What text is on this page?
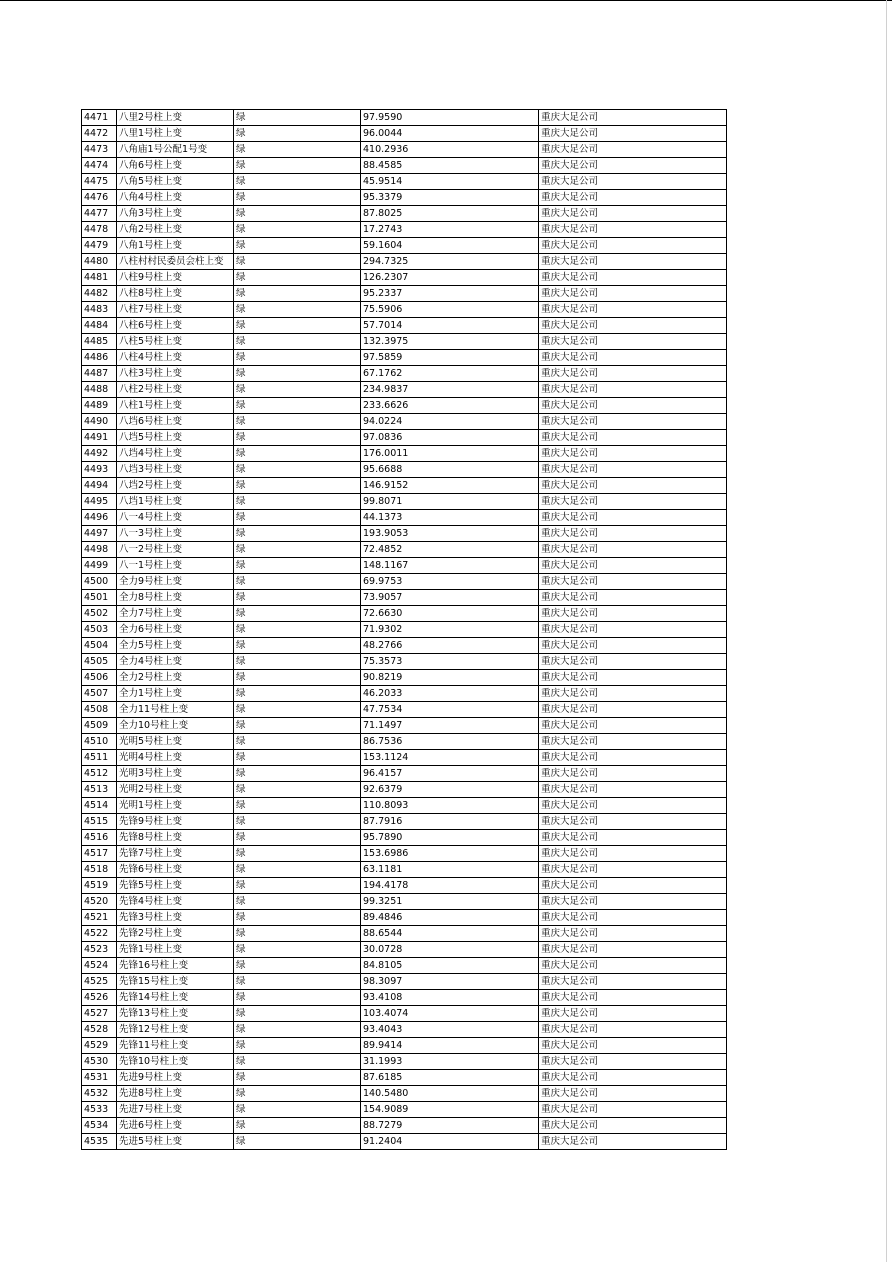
4471	八里2号柱上变	绿	97.9590	重庆大足公司
4472	八里1号柱上变	绿	96.0044	重庆大足公司
4473	八角庙1号公配1号变	绿	410.2936	重庆大足公司
4474	八角6号柱上变	绿	88.4585	重庆大足公司
4475	八角5号柱上变	绿	45.9514	重庆大足公司
4476	八角4号柱上变	绿	95.3379	重庆大足公司
4477	八角3号柱上变	绿	87.8025	重庆大足公司
4478	八角2号柱上变	绿	17.2743	重庆大足公司
4479	八角1号柱上变	绿	59.1604	重庆大足公司
4480	八柱村村民委员会柱上变	绿	294.7325	重庆大足公司
4481	八柱9号柱上变	绿	126.2307	重庆大足公司
4482	八柱8号柱上变	绿	95.2337	重庆大足公司
4483	八柱7号柱上变	绿	75.5906	重庆大足公司
4484	八柱6号柱上变	绿	57.7014	重庆大足公司
4485	八柱5号柱上变	绿	132.3975	重庆大足公司
4486	八柱4号柱上变	绿	97.5859	重庆大足公司
4487	八柱3号柱上变	绿	67.1762	重庆大足公司
4488	八柱2号柱上变	绿	234.9837	重庆大足公司
4489	八柱1号柱上变	绿	233.6626	重庆大足公司
4490	八垱6号柱上变	绿	94.0224	重庆大足公司
4491	八垱5号柱上变	绿	97.0836	重庆大足公司
4492	八垱4号柱上变	绿	176.0011	重庆大足公司
4493	八垱3号柱上变	绿	95.6688	重庆大足公司
4494	八垱2号柱上变	绿	146.9152	重庆大足公司
4495	八垱1号柱上变	绿	99.8071	重庆大足公司
4496	八一4号柱上变	绿	44.1373	重庆大足公司
4497	八一3号柱上变	绿	193.9053	重庆大足公司
4498	八一2号柱上变	绿	72.4852	重庆大足公司
4499	八一1号柱上变	绿	148.1167	重庆大足公司
4500	全力9号柱上变	绿	69.9753	重庆大足公司
4501	全力8号柱上变	绿	73.9057	重庆大足公司
4502	全力7号柱上变	绿	72.6630	重庆大足公司
4503	全力6号柱上变	绿	71.9302	重庆大足公司
4504	全力5号柱上变	绿	48.2766	重庆大足公司
4505	全力4号柱上变	绿	75.3573	重庆大足公司
4506	全力2号柱上变	绿	90.8219	重庆大足公司
4507	全力1号柱上变	绿	46.2033	重庆大足公司
4508	全力11号柱上变	绿	47.7534	重庆大足公司
4509	全力10号柱上变	绿	71.1497	重庆大足公司
4510	光明5号柱上变	绿	86.7536	重庆大足公司
4511	光明4号柱上变	绿	153.1124	重庆大足公司
4512	光明3号柱上变	绿	96.4157	重庆大足公司
4513	光明2号柱上变	绿	92.6379	重庆大足公司
4514	光明1号柱上变	绿	110.8093	重庆大足公司
4515	先锋9号柱上变	绿	87.7916	重庆大足公司
4516	先锋8号柱上变	绿	95.7890	重庆大足公司
4517	先锋7号柱上变	绿	153.6986	重庆大足公司
4518	先锋6号柱上变	绿	63.1181	重庆大足公司
4519	先锋5号柱上变	绿	194.4178	重庆大足公司
4520	先锋4号柱上变	绿	99.3251	重庆大足公司
4521	先锋3号柱上变	绿	89.4846	重庆大足公司
4522	先锋2号柱上变	绿	88.6544	重庆大足公司
4523	先锋1号柱上变	绿	30.0728	重庆大足公司
4524	先锋16号柱上变	绿	84.8105	重庆大足公司
4525	先锋15号柱上变	绿	98.3097	重庆大足公司
4526	先锋14号柱上变	绿	93.4108	重庆大足公司
4527	先锋13号柱上变	绿	103.4074	重庆大足公司
4528	先锋12号柱上变	绿	93.4043	重庆大足公司
4529	先锋11号柱上变	绿	89.9414	重庆大足公司
4530	先锋10号柱上变	绿	31.1993	重庆大足公司
4531	先进9号柱上变	绿	87.6185	重庆大足公司
4532	先进8号柱上变	绿	140.5480	重庆大足公司
4533	先进7号柱上变	绿	154.9089	重庆大足公司
4534	先进6号柱上变	绿	88.7279	重庆大足公司
4535	先进5号柱上变	绿	91.2404	重庆大足公司
